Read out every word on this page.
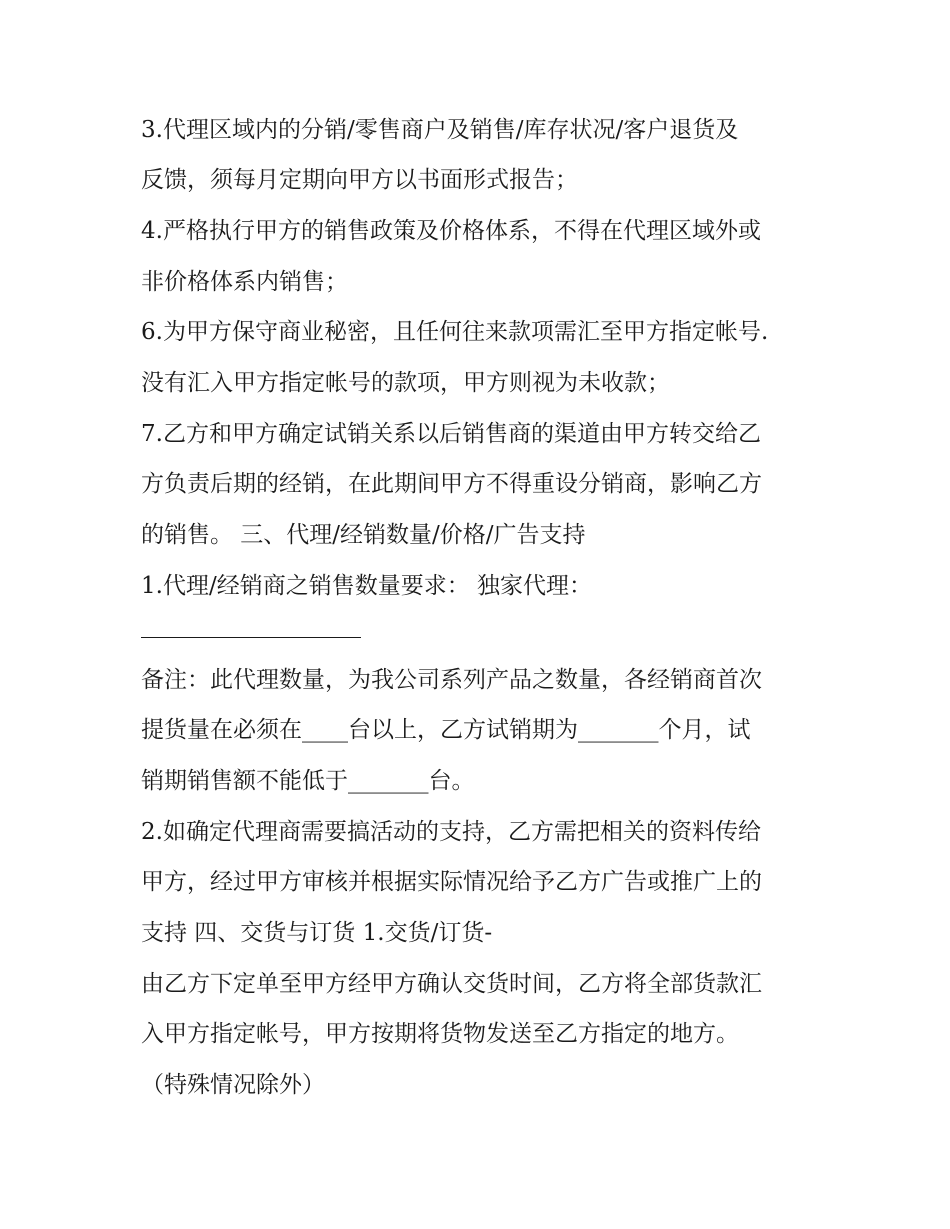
3.代理区域内的分销/零售商户及销售/库存状况/客户退货及
反馈，须每月定期向甲方以书面形式报告；
4.严格执行甲方的销售政策及价格体系，不得在代理区域外或
非价格体系内销售；
6.为甲方保守商业秘密，且任何往来款项需汇至甲方指定帐号.
没有汇入甲方指定帐号的款项，甲方则视为未收款；
7.乙方和甲方确定试销关系以后销售商的渠道由甲方转交给乙
方负责后期的经销，在此期间甲方不得重设分销商，影响乙方
的销售。 三、代理/经销数量/价格/广告支持
1.代理/经销商之销售数量要求： 独家代理：
备注：此代理数量，为我公司系列产品之数量，各经销商首次
提货量在必须在____台以上，乙方试销期为_______个月，试
销期销售额不能低于_______台。
2.如确定代理商需要搞活动的支持，乙方需把相关的资料传给
甲方，经过甲方审核并根据实际情况给予乙方广告或推广上的
支持 四、交货与订货 1.交货/订货-
由乙方下定单至甲方经甲方确认交货时间，乙方将全部货款汇
入甲方指定帐号，甲方按期将货物发送至乙方指定的地方。
（特殊情况除外）
